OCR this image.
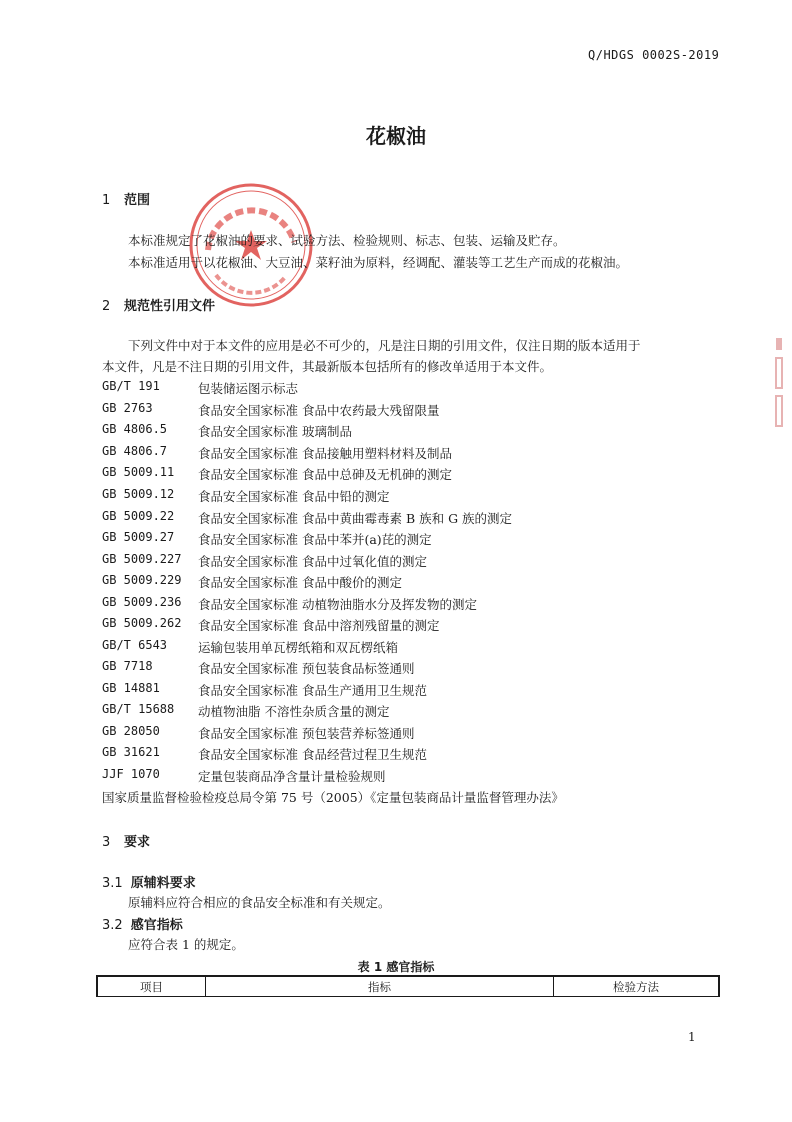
Q/HDGS 0002S-2019
花椒油
1 范围
本标准规定了花椒油的要求、试验方法、检验规则、标志、包装、运输及贮存。
本标准适用于以花椒油、大豆油、菜籽油为原料，经调配、灌装等工艺生产而成的花椒油。
2 规范性引用文件
下列文件中对于本文件的应用是必不可少的，凡是注日期的引用文件，仅注日期的版本适用于
本文件，凡是不注日期的引用文件，其最新版本包括所有的修改单适用于本文件。
GB/T 191	包装储运图示标志
GB 2763	食品安全国家标准 食品中农药最大残留限量
GB 4806.5 食品安全国家标准 玻璃制品
GB 4806.7 食品安全国家标准 食品接触用塑料材料及制品
GB 5009.11 食品安全国家标准 食品中总砷及无机砷的测定
GB 5009.12 食品安全国家标准 食品中铅的测定
GB 5009.22 食品安全国家标准 食品中黄曲霉毒素 B 族和 G 族的测定
GB 5009.27 食品安全国家标准 食品中苯并(a)芘的测定
GB 5009.227 食品安全国家标准 食品中过氧化值的测定
GB 5009.229 食品安全国家标准 食品中酸价的测定
GB 5009.236 食品安全国家标准 动植物油脂水分及挥发物的测定
GB 5009.262 食品安全国家标准 食品中溶剂残留量的测定
GB/T 6543 运输包装用单瓦楞纸箱和双瓦楞纸箱
GB 7718	食品安全国家标准 预包装食品标签通则
GB 14881	食品安全国家标准 食品生产通用卫生规范
GB/T 15688 动植物油脂 不溶性杂质含量的测定
GB 28050	食品安全国家标准 预包装营养标签通则
GB 31621	食品安全国家标准 食品经营过程卫生规范
JJF 1070	定量包装商品净含量计量检验规则
国家质量监督检验检疫总局令第 75 号（2005）《定量包装商品计量监督管理办法》
3 要求
3.1 原辅料要求
原辅料应符合相应的食品安全标准和有关规定。
3.2 感官指标
应符合表 1 的规定。
表 1 感官指标
项目	指标	检验方法
1
